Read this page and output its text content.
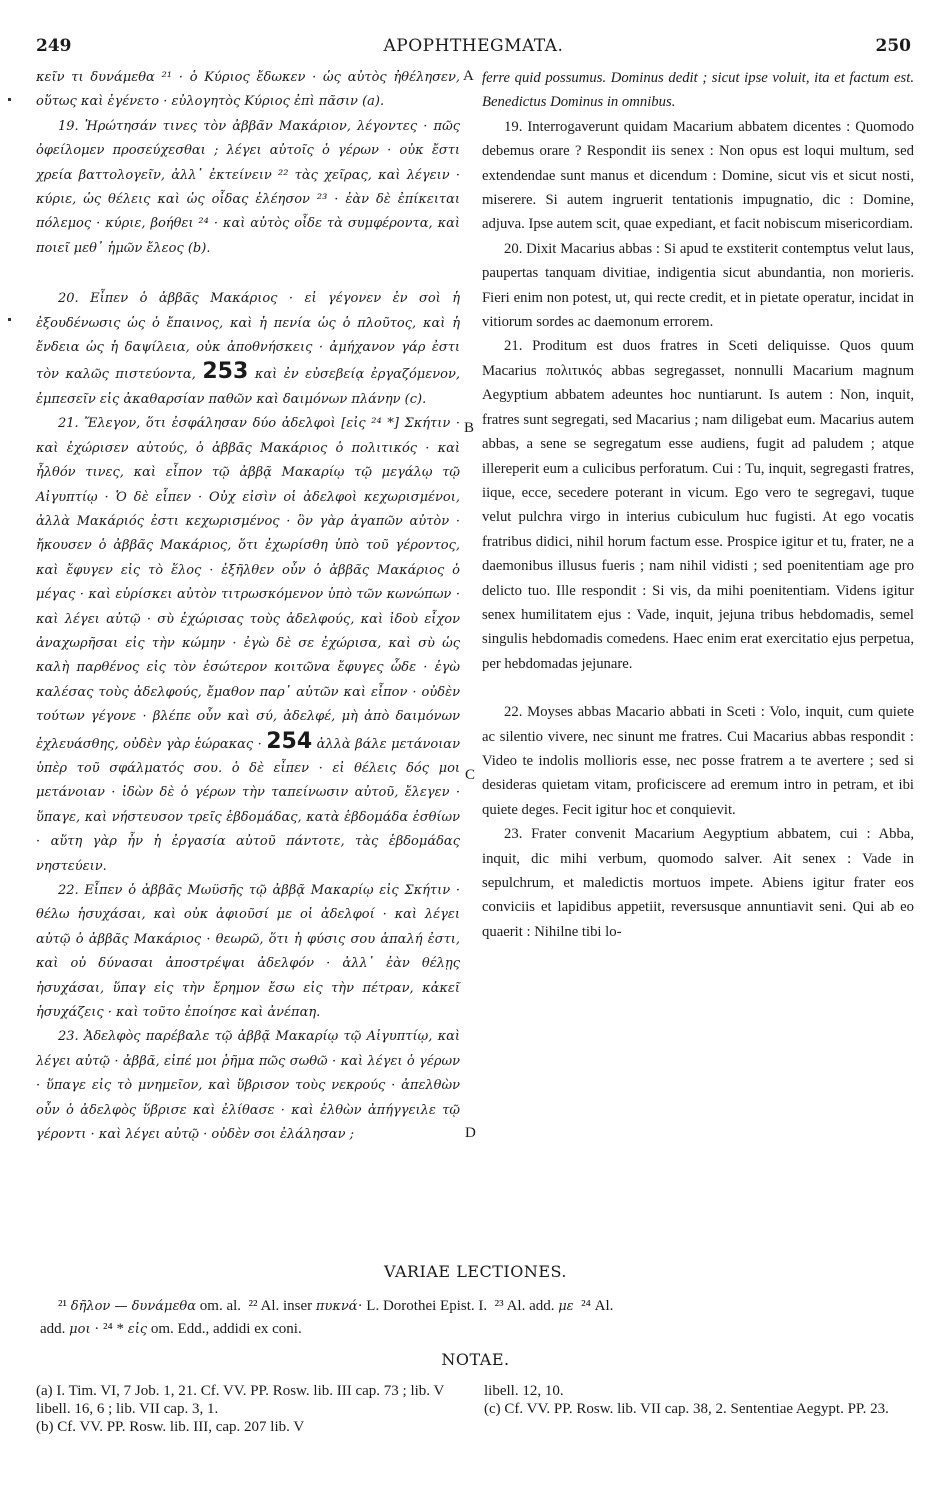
249	APOPHTHEGMATA.	250
A
B
C
D

κεῖν τι δυνάμεθα ²¹ · ὁ Κύριος ἔδωκεν · ὡς αὐτὸς ἠθέλησεν, οὕτως καὶ ἐγένετο · εὐλογητὸς Κύριος ἐπὶ πᾶσιν (a).

19. Ἠρώτησάν τινες τὸν ἀββᾶν Μακάριον, λέγοντες · πῶς ὀφείλομεν προσεύχεσθαι ; λέγει αὐτοῖς ὁ γέρων · οὐκ ἔστι χρεία βαττολογεῖν, ἀλλ᾽ ἐκτείνειν ²² τὰς χεῖρας, καὶ λέγειν · κύριε, ὡς θέλεις καὶ ὡς οἶδας ἐλέησον ²³ · ἐὰν δὲ ἐπίκειται πόλεμος · κύριε, βοήθει ²⁴ · καὶ αὐτὸς οἶδε τὰ συμφέροντα, καὶ ποιεῖ μεθ᾽ ἡμῶν ἔλεος (b).

20. Εἶπεν ὁ ἀββᾶς Μακάριος · εἰ γέγονεν ἐν σοὶ ἡ ἐξουδένωσις ὡς ὁ ἔπαινος, καὶ ἡ πενία ὡς ὁ πλοῦτος, καὶ ἡ ἔνδεια ὡς ἡ δαψίλεια, οὐκ ἀποθνήσκεις · ἀμήχανον γάρ ἐστι τὸν καλῶς πιστεύοντα, 253 καὶ ἐν εὐσεβείᾳ ἐργαζόμενον, ἐμπεσεῖν εἰς ἀκαθαρσίαν παθῶν καὶ δαιμόνων πλάνην (c).

21. Ἔλεγον, ὅτι ἐσφάλησαν δύο ἀδελφοὶ [εἰς ²⁴ *] Σκήτιν · καὶ ἐχώρισεν αὐτούς, ὁ ἀββᾶς Μακάριος ὁ πολιτικός · καὶ ἦλθόν τινες, καὶ εἶπον τῷ ἀββᾷ Μακαρίῳ τῷ μεγάλῳ τῷ Αἰγυπτίῳ · Ὁ δὲ εἶπεν · Οὐχ εἰσὶν οἱ ἀδελφοὶ κεχωρισμένοι, ἀλλὰ Μακάριός ἐστι κεχωρισμένος · ὃν γὰρ ἀγαπῶν αὐτὸν · ἤκουσεν ὁ ἀββᾶς Μακάριος, ὅτι ἐχωρίσθη ὑπὸ τοῦ γέροντος, καὶ ἔφυγεν εἰς τὸ ἕλος · ἐξῆλθεν οὖν ὁ ἀββᾶς Μακάριος ὁ μέγας · καὶ εὑρίσκει αὐτὸν τιτρωσκόμενον ὑπὸ τῶν κωνώπων · καὶ λέγει αὐτῷ · σὺ ἐχώρισας τοὺς ἀδελφούς, καὶ ἰδοὺ εἶχον ἀναχωρῆσαι εἰς τὴν κώμην · ἐγὼ δὲ σε ἐχώρισα, καὶ σὺ ὡς καλὴ παρθένος εἰς τὸν ἐσώτερον κοιτῶνα ἔφυγες ὧδε · ἐγὼ καλέσας τοὺς ἀδελφούς, ἔμαθον παρ᾽ αὐτῶν καὶ εἶπον · οὐδὲν τούτων γέγονε · βλέπε οὖν καὶ σύ, ἀδελφέ, μὴ ἀπὸ δαιμόνων ἐχλευάσθης, οὐδὲν γὰρ ἑώρακας · 254 ἀλλὰ βάλε μετάνοιαν ὑπὲρ τοῦ σφάλματός σου. ὁ δὲ εἶπεν · εἰ θέλεις δός μοι μετάνοιαν · ἰδὼν δὲ ὁ γέρων τὴν ταπείνωσιν αὐτοῦ, ἔλεγεν · ὕπαγε, καὶ νήστευσον τρεῖς ἑβδομάδας, κατὰ ἑβδομάδα ἐσθίων · αὕτη γὰρ ἦν ἡ ἐργασία αὐτοῦ πάντοτε, τὰς ἑβδομάδας νηστεύειν.

22. Εἶπεν ὁ ἀββᾶς Μωϋσῆς τῷ ἀββᾷ Μακαρίῳ εἰς Σκήτιν · θέλω ἡσυχάσαι, καὶ οὐκ ἀφιοῦσί με οἱ ἀδελφοί · καὶ λέγει αὐτῷ ὁ ἀββᾶς Μακάριος · θεωρῶ, ὅτι ἡ φύσις σου ἁπαλή ἐστι, καὶ οὐ δύνασαι ἀποστρέψαι ἀδελφόν · ἀλλ᾽ ἐὰν θέλῃς ἡσυχάσαι, ὕπαγ εἰς τὴν ἔρημον ἔσω εἰς τὴν πέτραν, κἀκεῖ ἡσυχάζεις · καὶ τοῦτο ἐποίησε καὶ ἀνέπαη.

23. Ἀδελφὸς παρέβαλε τῷ ἀββᾷ Μακαρίῳ τῷ Αἰγυπτίῳ, καὶ λέγει αὐτῷ · ἀββᾶ, εἰπέ μοι ῥῆμα πῶς σωθῶ · καὶ λέγει ὁ γέρων · ὕπαγε εἰς τὸ μνημεῖον, καὶ ὕβρισον τοὺς νεκρούς · ἀπελθὼν οὖν ὁ ἀδελφὸς ὕβρισε καὶ ἐλίθασε · καὶ ἐλθὼν ἀπήγγειλε τῷ γέροντι · καὶ λέγει αὐτῷ · οὐδὲν σοι ἐλάλησαν ;

ferre quid possumus. Dominus dedit ; sicut ipse voluit, ita et factum est. Benedictus Dominus in omnibus.

19. Interrogaverunt quidam Macarium abbatem dicentes : Quomodo debemus orare ? Respondit iis senex : Non opus est loqui multum, sed extendendae sunt manus et dicendum : Domine, sicut vis et sicut nosti, miserere. Si autem ingruerit tentationis impugnatio, dic : Domine, adjuva. Ipse autem scit, quae expediant, et facit nobiscum misericordiam.

20. Dixit Macarius abbas : Si apud te exstiterit contemptus velut laus, paupertas tanquam divitiae, indigentia sicut abundantia, non morieris. Fieri enim non potest, ut, qui recte credit, et in pietate operatur, incidat in vitiorum sordes ac daemonum errorem.

21. Proditum est duos fratres in Sceti deliquisse. Quos quum Macarius πολιτικός abbas segregasset, nonnulli Macarium magnum Aegyptium abbatem adeuntes hoc nuntiarunt. Is autem : Non, inquit, fratres sunt segregati, sed Macarius ; nam diligebat eum. Macarius autem abbas, a sene se segregatum esse audiens, fugit ad paludem ; atque illereperit eum a culicibus perforatum. Cui : Tu, inquit, segregasti fratres, iique, ecce, secedere poterant in vicum. Ego vero te segregavi, tuque velut pulchra virgo in interius cubiculum huc fugisti. At ego vocatis fratribus didici, nihil horum factum esse. Prospice igitur et tu, frater, ne a daemonibus illusus fueris ; nam nihil vidisti ; sed poenitentiam age pro delicto tuo. Ille respondit : Si vis, da mihi poenitentiam. Videns igitur senex humilitatem ejus : Vade, inquit, jejuna tribus hebdomadis, semel singulis hebdomadis comedens. Haec enim erat exercitatio ejus perpetua, per hebdomadas jejunare.

22. Moyses abbas Macario abbati in Sceti : Volo, inquit, cum quiete ac silentio vivere, nec sinunt me fratres. Cui Macarius abbas respondit : Video te indolis mollioris esse, nec posse fratrem a te avertere ; sed si desideras quietam vitam, proficiscere ad eremum intro in petram, et ibi quiete deges. Fecit igitur hoc et conquievit.

23. Frater convenit Macarium Aegyptium abbatem, cui : Abba, inquit, dic mihi verbum, quomodo salver. Ait senex : Vade in sepulchrum, et maledictis mortuos impete. Abiens igitur frater eos conviciis et lapidibus appetiit, reversusque annuntiavit seni. Qui ab eo quaerit : Nihilne tibi lo-

VARIAE LECTIONES.
²¹ δῆλον — δυνάμεθα om. al. ²² Al. inser πυκνά· L. Dorothei Epist. I. ²³ Al. add. με ²⁴ Al.
add. μοι · ²⁴ * εἰς om. Edd., addidi ex coni.
NOTAE.
(a) I. Tim. VI, 7 Job. 1, 21. Cf. VV. PP. Rosw. lib. III cap. 73 ; lib. V libell. 16, 6 ; lib. VII cap. 3, 1.
(b) Cf. VV. PP. Rosw. lib. III, cap. 207 lib. V
libell. 12, 10.
(c) Cf. VV. PP. Rosw. lib. VII cap. 38, 2. Sententiae Aegypt. PP. 23.
